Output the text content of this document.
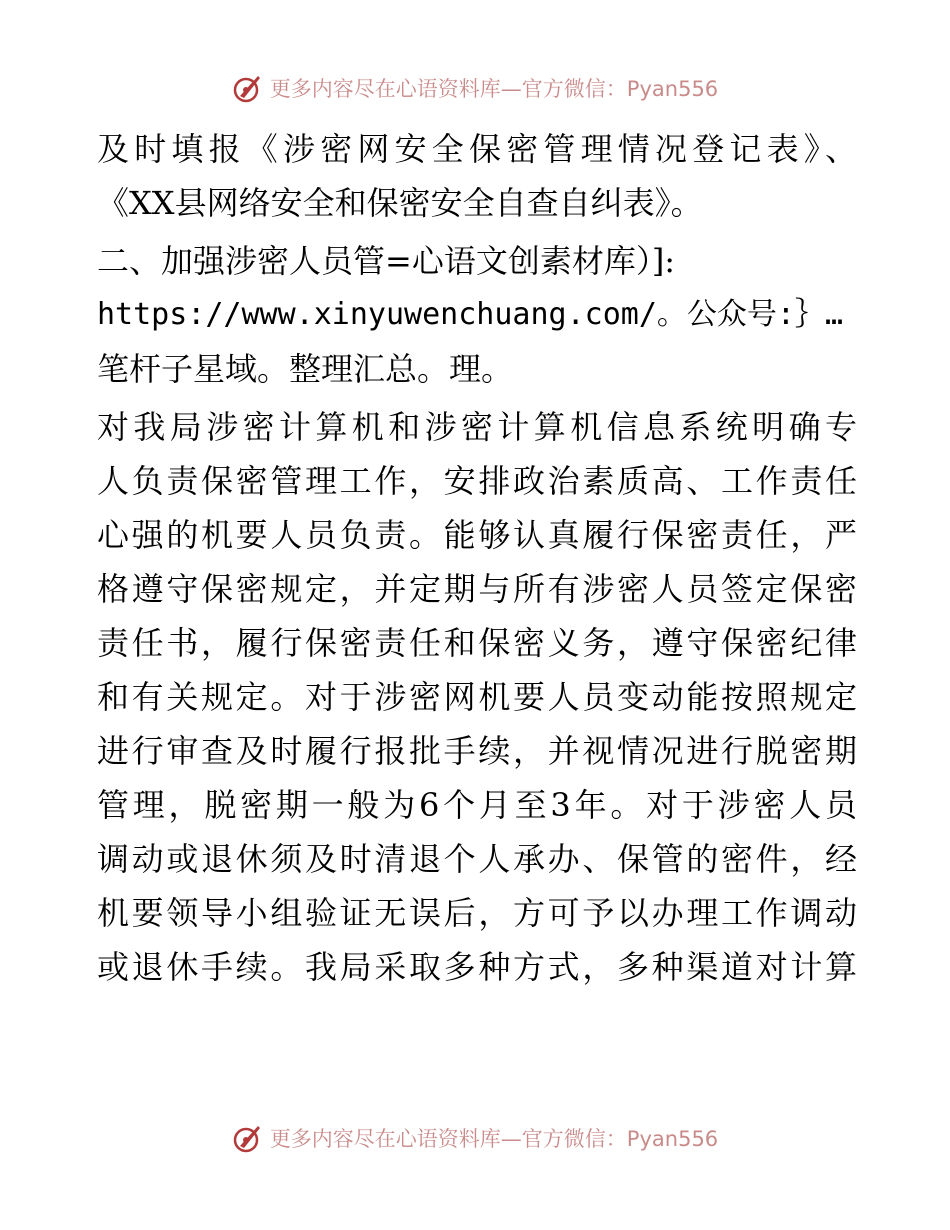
更多内容尽在心语资料库—官方微信：Pyan556
及时填报《涉密网安全保密管理情况登记表》、
《XX县网络安全和保密安全自查自纠表》。
二、加强涉密人员管=心语文创素材库）]:
https://www.xinyuwenchuang.com/。公众号:｝…
笔杆子星域。整理汇总。理。
对我局涉密计算机和涉密计算机信息系统明确专
人负责保密管理工作，安排政治素质高、工作责任
心强的机要人员负责。能够认真履行保密责任，严
格遵守保密规定，并定期与所有涉密人员签定保密
责任书，履行保密责任和保密义务，遵守保密纪律
和有关规定。对于涉密网机要人员变动能按照规定
进行审查及时履行报批手续，并视情况进行脱密期
管理，脱密期一般为6个月至3年。对于涉密人员
调动或退休须及时清退个人承办、保管的密件，经
机要领导小组验证无误后，方可予以办理工作调动
或退休手续。我局采取多种方式，多种渠道对计算
更多内容尽在心语资料库—官方微信：Pyan556
